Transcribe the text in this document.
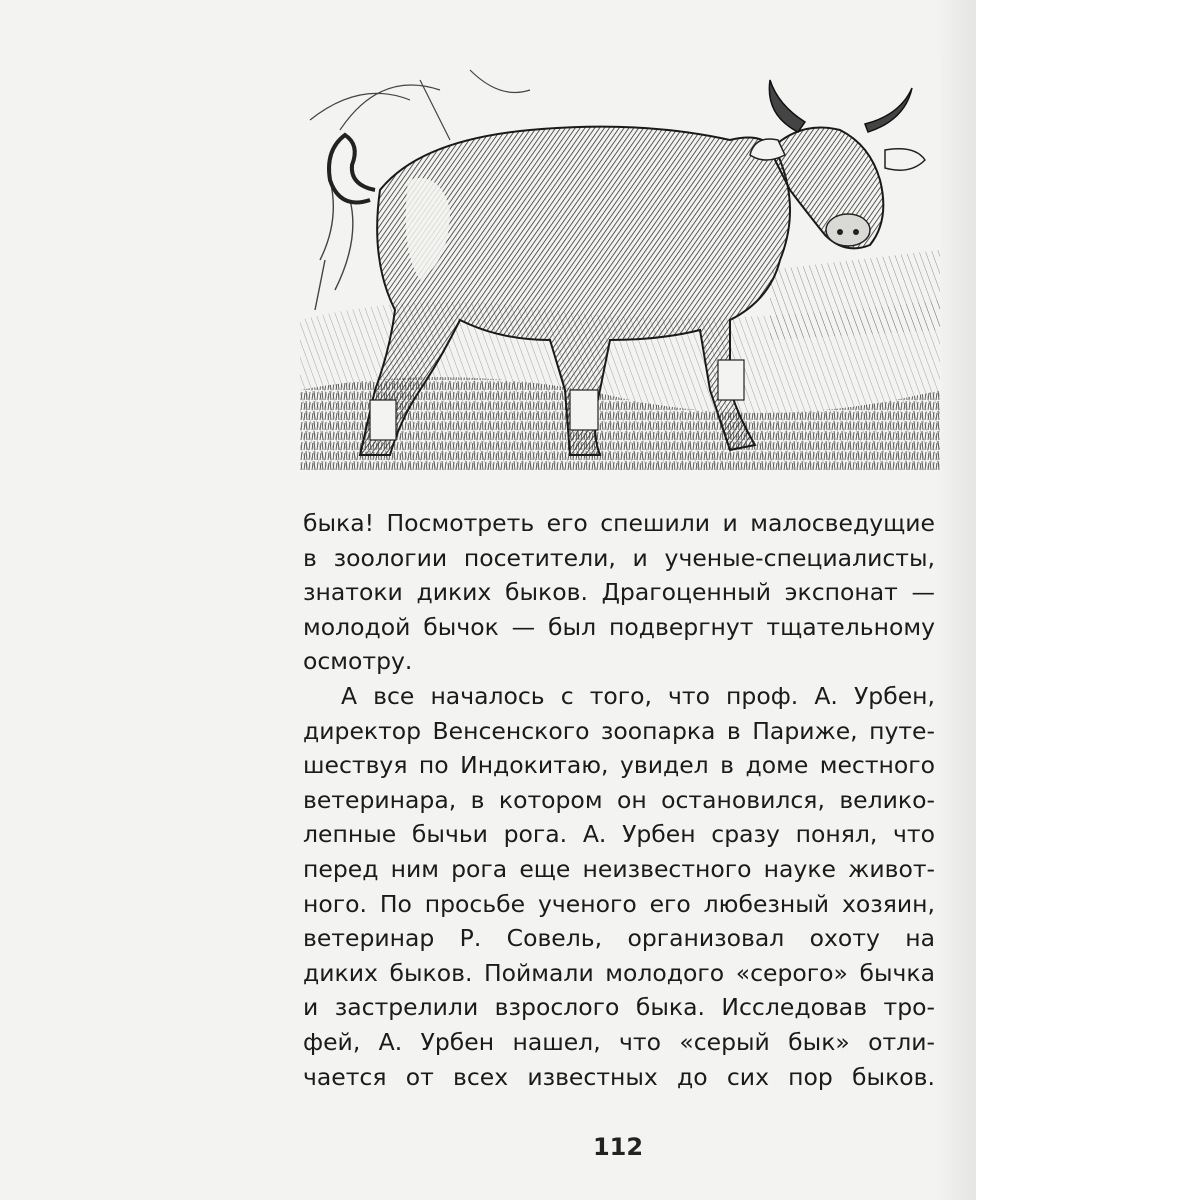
быка! Посмотреть его спешили и малосведущие
в зоологии посетители, и ученые-специалисты,
знатоки диких быков. Драгоценный экспонат —
молодой бычок — был подвергнут тщательному
осмотру.
А все началось с того, что проф. А. Урбен,
директор Венсенского зоопарка в Париже, путе-
шествуя по Индокитаю, увидел в доме местного
ветеринара, в котором он остановился, велико-
лепные бычьи рога. А. Урбен сразу понял, что
перед ним рога еще неизвестного науке живот-
ного. По просьбе ученого его любезный хозяин,
ветеринар Р. Совель, организовал охоту на
диких быков. Поймали молодого «серого» бычка
и застрелили взрослого быка. Исследовав тро-
фей, А. Урбен нашел, что «серый бык» отли-
чается от всех известных до сих пор быков.
112
